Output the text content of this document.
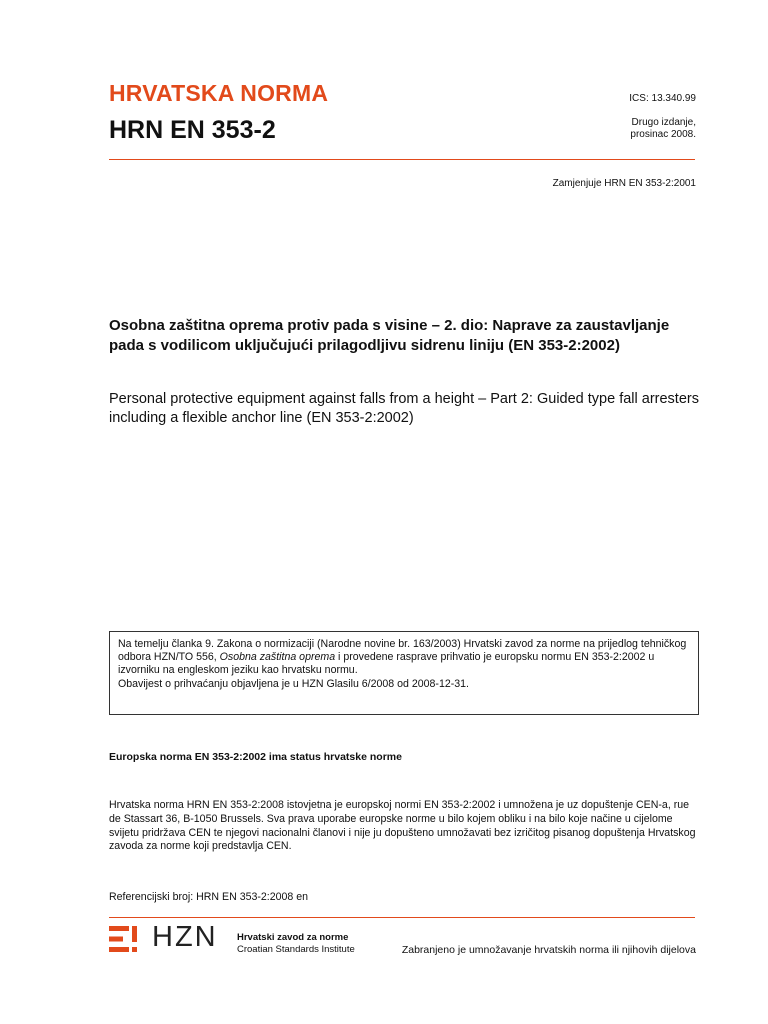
HRVATSKA NORMA
HRN EN 353-2
ICS: 13.340.99
Drugo izdanje,
prosinac 2008.
Zamjenjuje HRN EN 353-2:2001
Osobna zaštitna oprema protiv pada s visine – 2. dio: Naprave za zaustavljanje pada s vodilicom uključujući prilagodljivu sidrenu liniju (EN 353-2:2002)
Personal protective equipment against falls from a height – Part 2: Guided type fall arresters including a flexible anchor line (EN 353-2:2002)

Na temelju članka 9. Zakona o normizaciji (Narodne novine br. 163/2003) Hrvatski zavod za norme na prijedlog tehničkog odbora HZN/TO 556, Osobna zaštitna oprema i provedene rasprave prihvatio je europsku normu EN 353-2:2002 u izvorniku na engleskom jeziku kao hrvatsku normu.

Obavijest o prihvaćanju objavljena je u HZN Glasilu 6/2008 od 2008-12-31.

Europska norma EN 353-2:2002 ima status hrvatske norme
Hrvatska norma HRN EN 353-2:2008 istovjetna je europskoj normi EN 353-2:2002 i umnožena je uz dopuštenje CEN-a, rue de Stassart 36, B-1050 Brussels. Sva prava uporabe europske norme u bilo kojem obliku i na bilo koje načine u cijelome svijetu pridržava CEN te njegovi nacionalni članovi i nije ju dopušteno umnožavati bez izričitog pisanog dopuštenja Hrvatskog zavoda za norme koji predstavlja CEN.
Referencijski broj: HRN EN 353-2:2008 en
HZN Hrvatski zavod za norme
Croatian Standards Institute	Zabranjeno je umnožavanje hrvatskih norma ili njihovih dijelova
